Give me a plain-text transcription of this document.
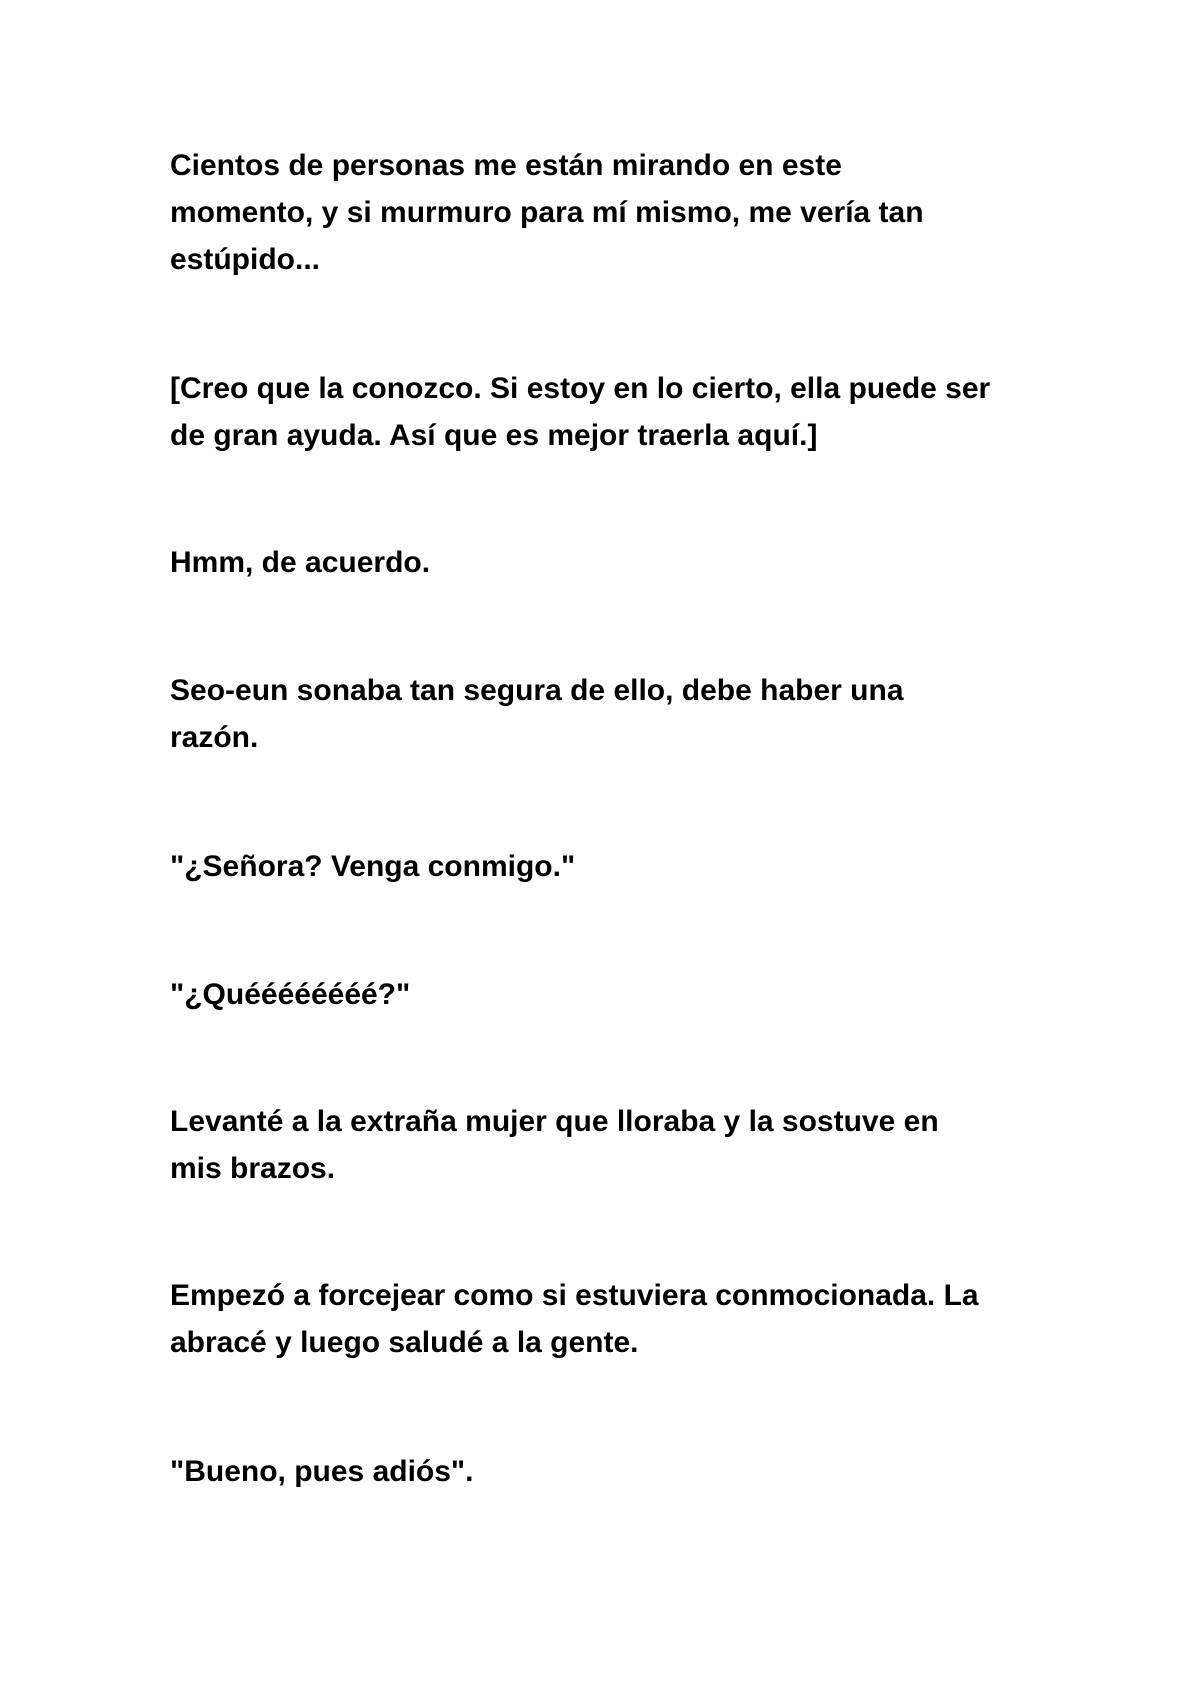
Cientos de personas me están mirando en este
momento, y si murmuro para mí mismo, me vería tan
estúpido...

[Creo que la conozco. Si estoy en lo cierto, ella puede ser
de gran ayuda. Así que es mejor traerla aquí.]

Hmm, de acuerdo.

Seo-eun sonaba tan segura de ello, debe haber una
razón.

"¿Señora? Venga conmigo."

"¿Quéééééééé?"

Levanté a la extraña mujer que lloraba y la sostuve en
mis brazos.

Empezó a forcejear como si estuviera conmocionada. La
abracé y luego saludé a la gente.

"Bueno, pues adiós".
